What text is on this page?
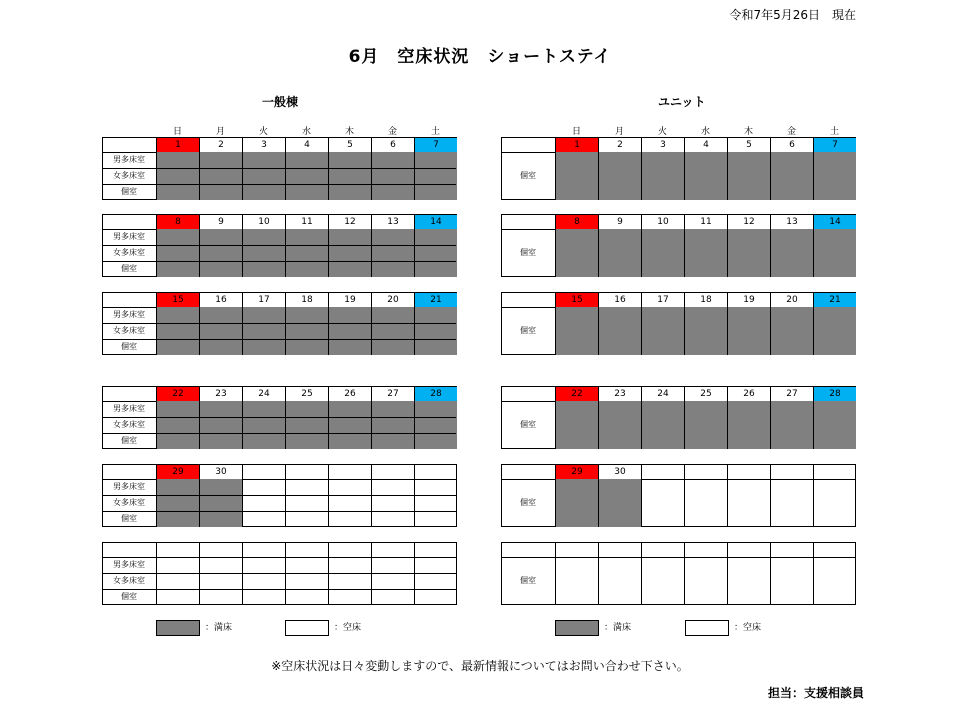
令和7年5月26日　現在
6月　空床状況　ショートステイ
一般棟	ユニット
日	月	火	水	木	金	土	日	月	火	水	木	金	土
1	2	3	4	5	6	7
男多床室
女多床室
個室
8	9	10	11	12	13	14
男多床室
女多床室
個室
15	16	17	18	19	20	21
男多床室
女多床室
個室
22	23	24	25	26	27	28
男多床室
女多床室
個室
29	30
男多床室
女多床室
個室
男多床室
女多床室
個室
1	2	3	4	5	6	7
個室
8	9	10	11	12	13	14
個室
15	16	17	18	19	20	21
個室
22	23	24	25	26	27	28
個室
29	30
個室
個室
：満床	：空床	：満床	：空床
※空床状況は日々変動しますので、最新情報についてはお問い合わせ下さい。
担当：支援相談員
